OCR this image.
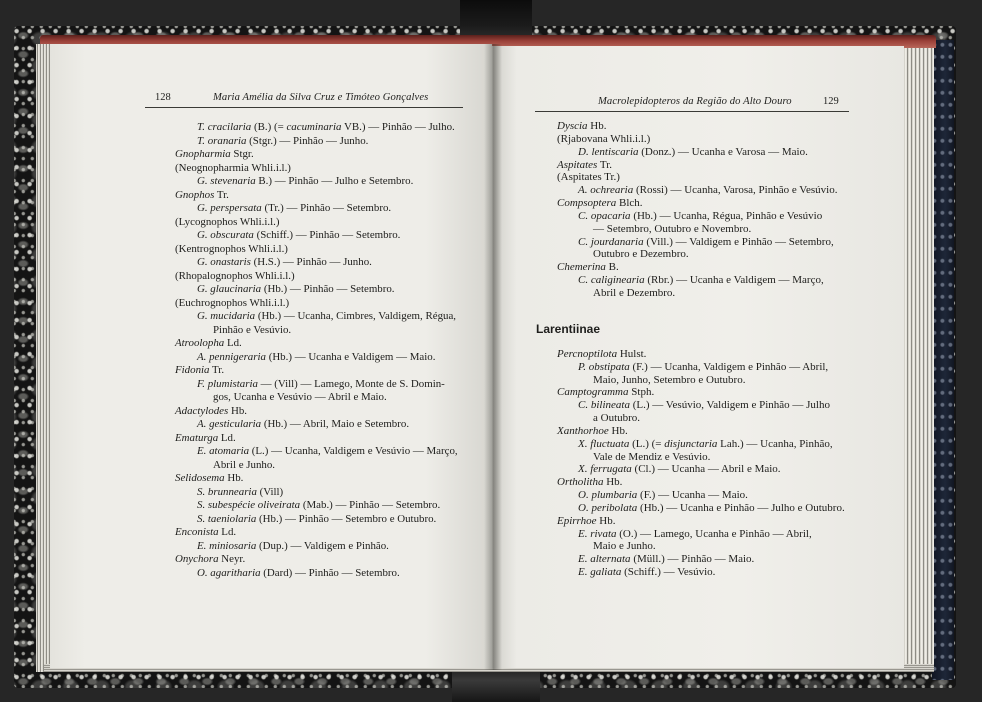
128	Maria Amélia da Silva Cruz e Timóteo Gonçalves	Macrolepidopteros da Região do Alto Douro	129
T. cracilaria (B.) (= cacuminaria VB.) — Pinhão — Julho.
T. oranaria (Stgr.) — Pinhão — Junho.
Gnopharmia Stgr.
(Neognopharmia Whli.i.l.)
G. stevenaria B.) — Pinhão — Julho e Setembro.
Gnophos Tr.
G. perspersata (Tr.) — Pinhão — Setembro.
(Lycognophos Whli.i.l.)
G. obscurata (Schiff.) — Pinhão — Setembro.
(Kentrognophos Whli.i.l.)
G. onastaris (H.S.) — Pinhão — Junho.
(Rhopalognophos Whli.i.l.)
G. glaucinaria (Hb.) — Pinhão — Setembro.
(Euchrognophos Whli.i.l.)
G. mucidaria (Hb.) — Ucanha, Cimbres, Valdigem, Régua,
Pinhão e Vesúvio.
Atroolopha Ld.
A. pennigeraria (Hb.) — Ucanha e Valdigem — Maio.
Fidonia Tr.
F. plumistaria — (Vill) — Lamego, Monte de S. Domin-
gos, Ucanha e Vesúvio — Abril e Maio.
Adactylodes Hb.
A. gesticularia (Hb.) — Abril, Maio e Setembro.
Ematurga Ld.
E. atomaria (L.) — Ucanha, Valdigem e Vesúvio — Março,
Abril e Junho.
Selidosema Hb.
S. brunnearia (Vill)
S. subespécie oliveirata (Mab.) — Pinhão — Setembro.
S. taeniolaria (Hb.) — Pinhão — Setembro e Outubro.
Enconista Ld.
E. miniosaria (Dup.) — Valdigem e Pinhão.
Onychora Neyr.
O. agaritharia (Dard) — Pinhão — Setembro.
Dyscia Hb.
(Rjabovana Whli.i.l.)
D. lentiscaria (Donz.) — Ucanha e Varosa — Maio.
Aspitates Tr.
(Aspitates Tr.)
A. ochrearia (Rossi) — Ucanha, Varosa, Pinhão e Vesúvio.
Compsoptera Blch.
C. opacaria (Hb.) — Ucanha, Régua, Pinhão e Vesúvio
— Setembro, Outubro e Novembro.
C. jourdanaria (Vill.) — Valdigem e Pinhão — Setembro,
Outubro e Dezembro.
Chemerina B.
C. caliginearia (Rbr.) — Ucanha e Valdigem — Março,
Abril e Dezembro.
Larentiinae
Percnoptilota Hulst.
P. obstipata (F.) — Ucanha, Valdigem e Pinhão — Abril,
Maio, Junho, Setembro e Outubro.
Camptogramma Stph.
C. bilineata (L.) — Vesúvio, Valdigem e Pinhão — Julho
a Outubro.
Xanthorhoe Hb.
X. fluctuata (L.) (= disjunctaria Lah.) — Ucanha, Pinhão,
Vale de Mendiz e Vesúvio.
X. ferrugata (Cl.) — Ucanha — Abril e Maio.
Ortholitha Hb.
O. plumbaria (F.) — Ucanha — Maio.
O. peribolata (Hb.) — Ucanha e Pinhão — Julho e Outubro.
Epirrhoe Hb.
E. rivata (O.) — Lamego, Ucanha e Pinhão — Abril,
Maio e Junho.
E. alternata (Müll.) — Pinhão — Maio.
E. galiata (Schiff.) — Vesúvio.
